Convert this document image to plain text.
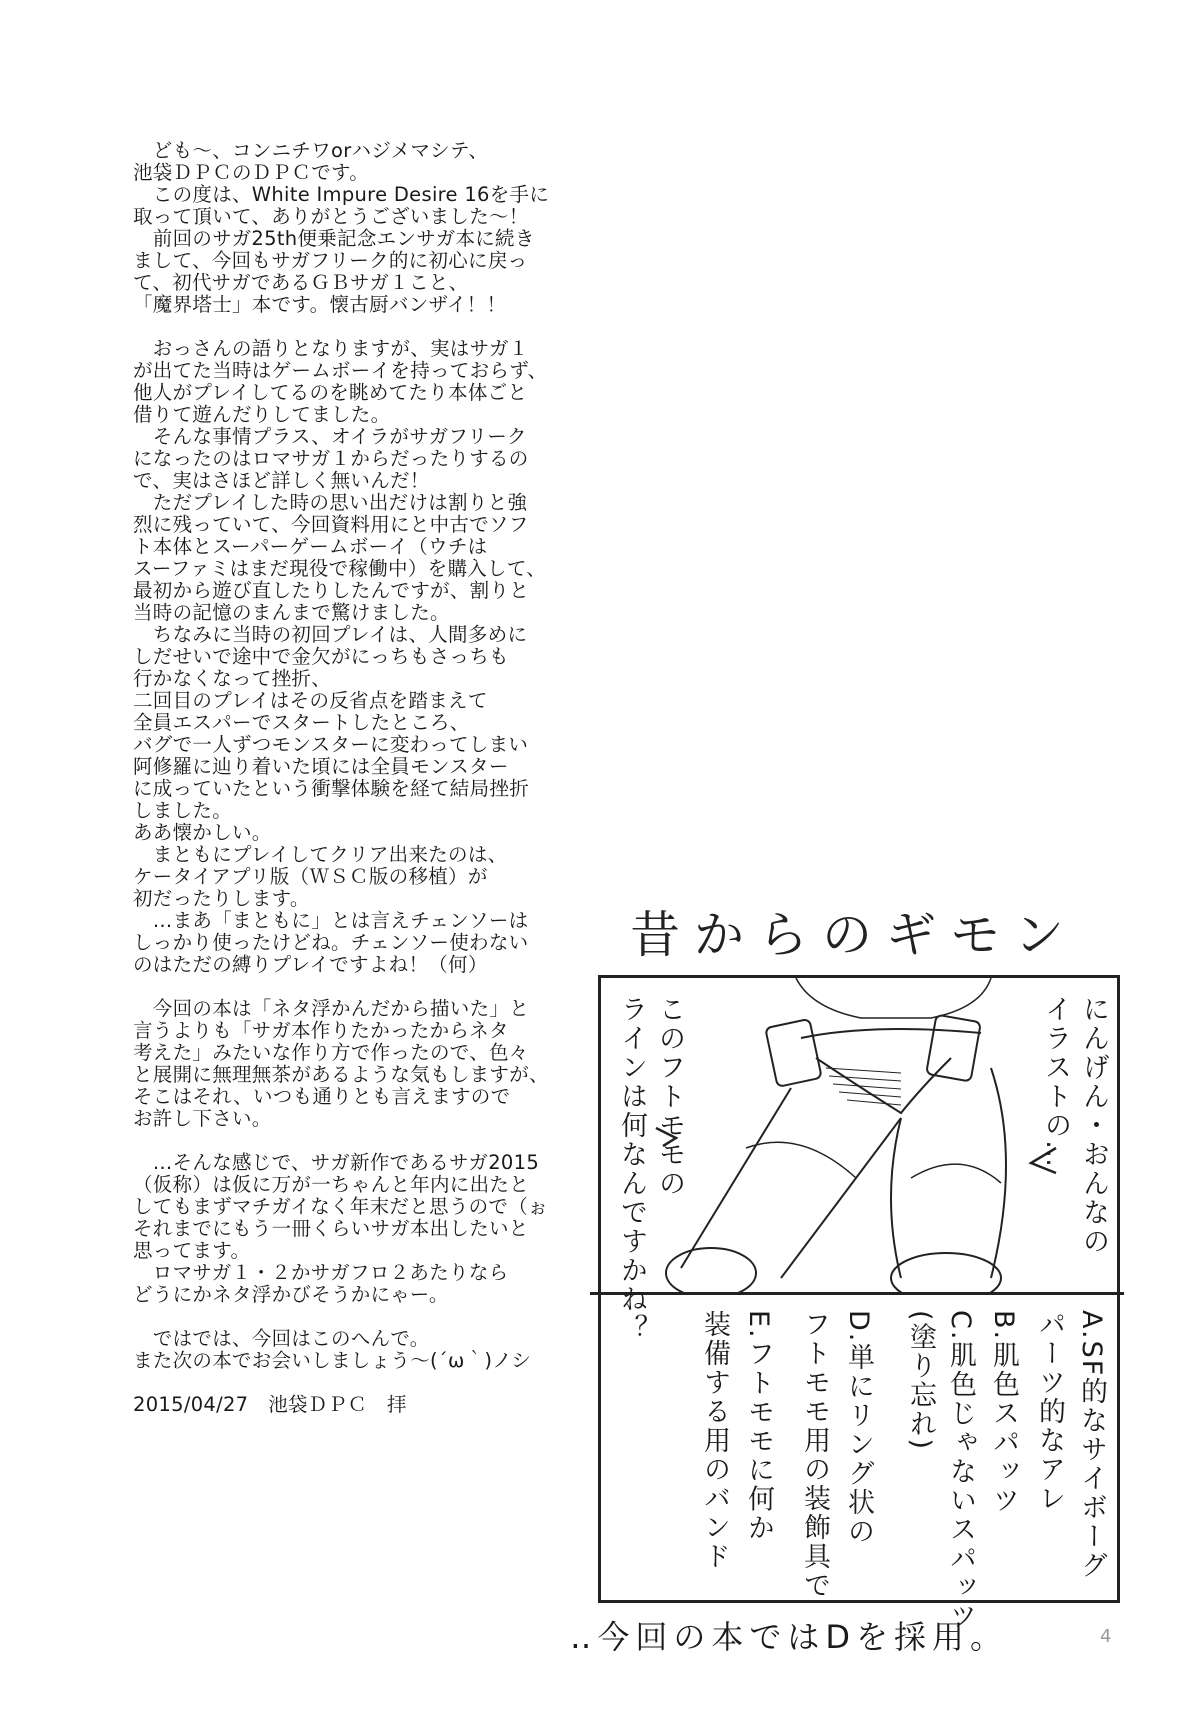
　ども～、コンニチワorハジメマシテ、
池袋ＤＰＣのＤＰＣです。
　この度は、White Impure Desire 16を手に
取って頂いて、ありがとうございました～！
　前回のサガ25th便乗記念エンサガ本に続き
まして、今回もサガフリーク的に初心に戻っ
て、初代サガであるＧＢサガ１こと、
「魔界塔士」本です。懐古厨バンザイ！！
　おっさんの語りとなりますが、実はサガ１
が出てた当時はゲームボーイを持っておらず、
他人がプレイしてるのを眺めてたり本体ごと
借りて遊んだりしてました。
　そんな事情プラス、オイラがサガフリーク
になったのはロマサガ１からだったりするの
で、実はさほど詳しく無いんだ！
　ただプレイした時の思い出だけは割りと強
烈に残っていて、今回資料用にと中古でソフ
ト本体とスーパーゲームボーイ（ウチは
スーファミはまだ現役で稼働中）を購入して、
最初から遊び直したりしたんですが、割りと
当時の記憶のまんまで驚けました。
　ちなみに当時の初回プレイは、人間多めに
しだせいで途中で金欠がにっちもさっちも
行かなくなって挫折、
二回目のプレイはその反省点を踏まえて
全員エスパーでスタートしたところ、
バグで一人ずつモンスターに変わってしまい
阿修羅に辿り着いた頃には全員モンスター
に成っていたという衝撃体験を経て結局挫折
しました。
ああ懐かしい。
　まともにプレイしてクリア出来たのは、
ケータイアプリ版（ＷＳＣ版の移植）が
初だったりします。
　…まあ「まともに」とは言えチェンソーは
しっかり使ったけどね。チェンソー使わない
のはただの縛りプレイですよね！（何）
　今回の本は「ネタ浮かんだから描いた」と
言うよりも「サガ本作りたかったからネタ
考えた」みたいな作り方で作ったので、色々
と展開に無理無茶があるような気もしますが、
そこはそれ、いつも通りとも言えますので
お許し下さい。
　…そんな感じで、サガ新作であるサガ2015
（仮称）は仮に万が一ちゃんと年内に出たと
してもまずマチガイなく年末だと思うので（ぉ
それまでにもう一冊くらいサガ本出したいと
思ってます。
　ロマサガ１・２かサガフロ２あたりなら
どうにかネタ浮かびそうかにゃー。
　ではでは、今回はこのへんで。
また次の本でお会いしましょう～(´ω｀)ノシ
2015/04/27　池袋ＤＰＣ　拝
昔からのギモン
にんげん・おんなの
イラストの…
このフトモモの
ラインは何なんですかね？
A.SF的なサイボーグ
パーツ的なアレ
B.肌色スパッツ
C.肌色じゃないスパッツ
(塗り忘れ)
D.単にリング状の
フトモモ用の装飾具で
E.フトモモに何か
装備する用のバンド
‥今回の本ではDを採用。	4
